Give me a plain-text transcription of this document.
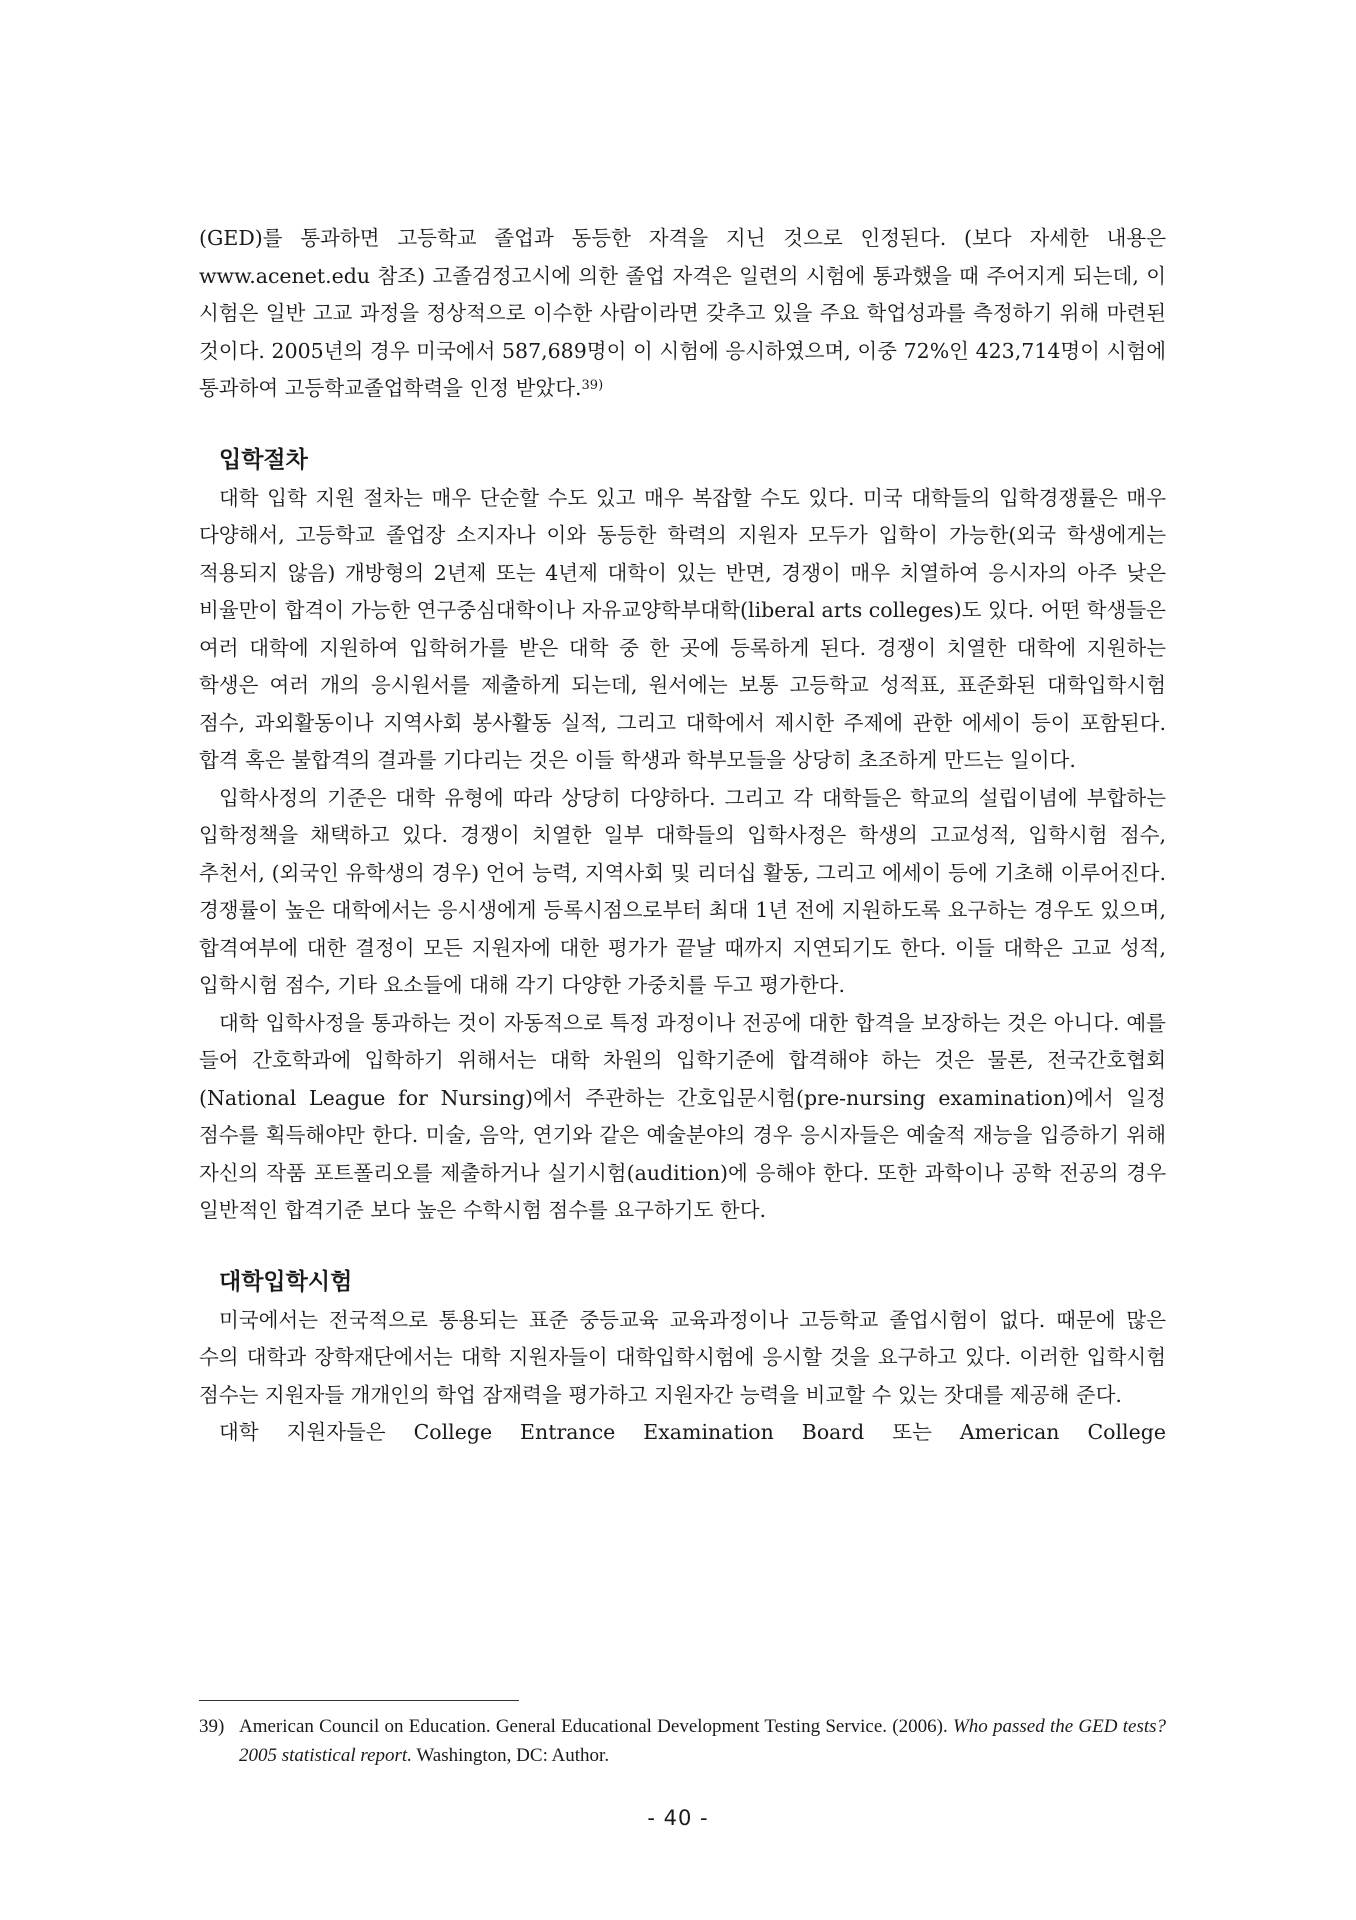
(GED)를 통과하면 고등학교 졸업과 동등한 자격을 지닌 것으로 인정된다. (보다 자세한 내용은 www.acenet.edu 참조) 고졸검정고시에 의한 졸업 자격은 일련의 시험에 통과했을 때 주어지게 되는데, 이 시험은 일반 고교 과정을 정상적으로 이수한 사람이라면 갖추고 있을 주요 학업성과를 측정하기 위해 마련된 것이다. 2005년의 경우 미국에서 587,689명이 이 시험에 응시하였으며, 이중 72%인 423,714명이 시험에 통과하여 고등학교졸업학력을 인정 받았다.$^{39)}$

입학절차

대학 입학 지원 절차는 매우 단순할 수도 있고 매우 복잡할 수도 있다. 미국 대학들의 입학경쟁률은 매우 다양해서, 고등학교 졸업장 소지자나 이와 동등한 학력의 지원자 모두가 입학이 가능한(외국 학생에게는 적용되지 않음) 개방형의 2년제 또는 4년제 대학이 있는 반면, 경쟁이 매우 치열하여 응시자의 아주 낮은 비율만이 합격이 가능한 연구중심대학이나 자유교양학부대학(liberal arts colleges)도 있다. 어떤 학생들은 여러 대학에 지원하여 입학허가를 받은 대학 중 한 곳에 등록하게 된다. 경쟁이 치열한 대학에 지원하는 학생은 여러 개의 응시원서를 제출하게 되는데, 원서에는 보통 고등학교 성적표, 표준화된 대학입학시험 점수, 과외활동이나 지역사회 봉사활동 실적, 그리고 대학에서 제시한 주제에 관한 에세이 등이 포함된다. 합격 혹은 불합격의 결과를 기다리는 것은 이들 학생과 학부모들을 상당히 초조하게 만드는 일이다.

입학사정의 기준은 대학 유형에 따라 상당히 다양하다. 그리고 각 대학들은 학교의 설립이념에 부합하는 입학정책을 채택하고 있다. 경쟁이 치열한 일부 대학들의 입학사정은 학생의 고교성적, 입학시험 점수, 추천서, (외국인 유학생의 경우) 언어 능력, 지역사회 및 리더십 활동, 그리고 에세이 등에 기초해 이루어진다. 경쟁률이 높은 대학에서는 응시생에게 등록시점으로부터 최대 1년 전에 지원하도록 요구하는 경우도 있으며, 합격여부에 대한 결정이 모든 지원자에 대한 평가가 끝날 때까지 지연되기도 한다. 이들 대학은 고교 성적, 입학시험 점수, 기타 요소들에 대해 각기 다양한 가중치를 두고 평가한다.

대학 입학사정을 통과하는 것이 자동적으로 특정 과정이나 전공에 대한 합격을 보장하는 것은 아니다. 예를 들어 간호학과에 입학하기 위해서는 대학 차원의 입학기준에 합격해야 하는 것은 물론, 전국간호협회(National League for Nursing)에서 주관하는 간호입문시험(pre-nursing examination)에서 일정 점수를 획득해야만 한다. 미술, 음악, 연기와 같은 예술분야의 경우 응시자들은 예술적 재능을 입증하기 위해 자신의 작품 포트폴리오를 제출하거나 실기시험(audition)에 응해야 한다. 또한 과학이나 공학 전공의 경우 일반적인 합격기준 보다 높은 수학시험 점수를 요구하기도 한다.

대학입학시험

미국에서는 전국적으로 통용되는 표준 중등교육 교육과정이나 고등학교 졸업시험이 없다. 때문에 많은 수의 대학과 장학재단에서는 대학 지원자들이 대학입학시험에 응시할 것을 요구하고 있다. 이러한 입학시험 점수는 지원자들 개개인의 학업 잠재력을 평가하고 지원자간 능력을 비교할 수 있는 잣대를 제공해 준다.

대학 지원자들은 College Entrance Examination Board 또는 American College

39) American Council on Education. General Educational Development Testing Service. (2006). Who passed the GED tests? 2005 statistical report. Washington, DC: Author.
- 40 -
